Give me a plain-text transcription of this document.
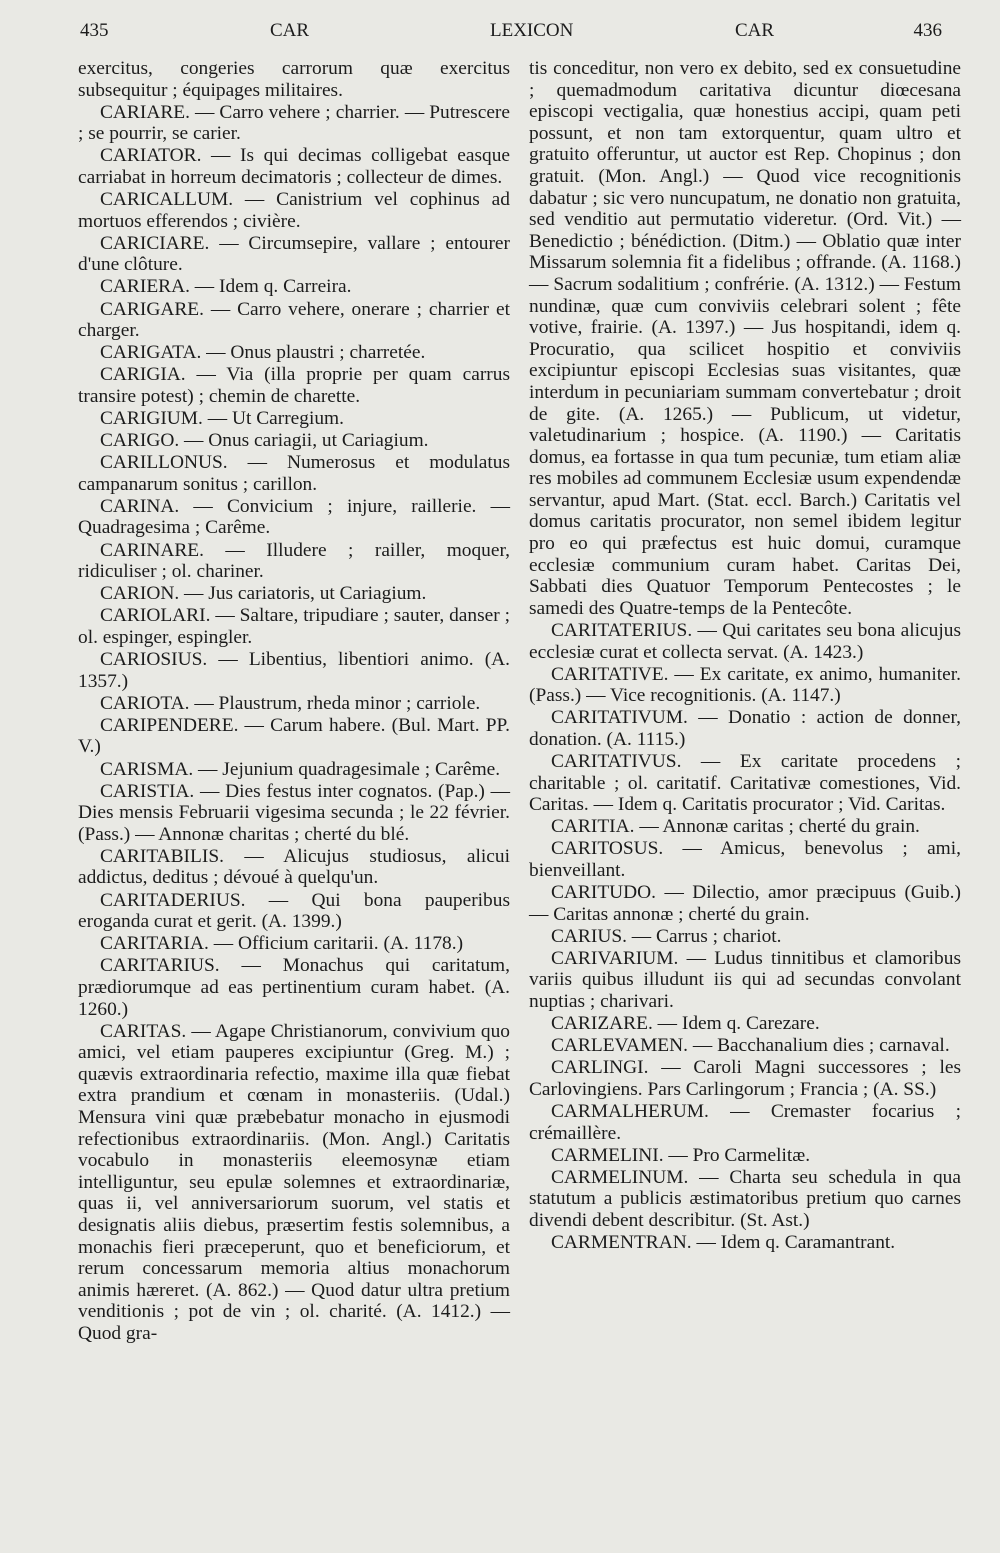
435	CAR	LEXICON	CAR	436

exercitus, congeries carrorum quæ exercitus subsequitur ; équipages militaires.

CARIARE. — Carro vehere ; charrier. — Putrescere ; se pourrir, se carier.

CARIATOR. — Is qui decimas colligebat easque carriabat in horreum decimatoris ; collecteur de dimes.

CARICALLUM. — Canistrium vel cophinus ad mortuos efferendos ; civière.

CARICIARE. — Circumsepire, vallare ; entourer d'une clôture.

CARIERA. — Idem q. Carreira.

CARIGARE. — Carro vehere, onerare ; charrier et charger.

CARIGATA. — Onus plaustri ; charretée.

CARIGIA. — Via (illa proprie per quam carrus transire potest) ; chemin de charette.

CARIGIUM. — Ut Carregium.

CARIGO. — Onus cariagii, ut Cariagium.

CARILLONUS. — Numerosus et modulatus campanarum sonitus ; carillon.

CARINA. — Convicium ; injure, raillerie. — Quadragesima ; Carême.

CARINARE. — Illudere ; railler, moquer, ridiculiser ; ol. chariner.

CARION. — Jus cariatoris, ut Cariagium.

CARIOLARI. — Saltare, tripudiare ; sauter, danser ; ol. espinger, espingler.

CARIOSIUS. — Libentius, libentiori animo. (A. 1357.)

CARIOTA. — Plaustrum, rheda minor ; carriole.

CARIPENDERE. — Carum habere. (Bul. Mart. PP. V.)

CARISMA. — Jejunium quadragesimale ; Carême.

CARISTIA. — Dies festus inter cognatos. (Pap.) — Dies mensis Februarii vigesima secunda ; le 22 février. (Pass.) — Annonæ charitas ; cherté du blé.

CARITABILIS. — Alicujus studiosus, alicui addictus, deditus ; dévoué à quelqu'un.

CARITADERIUS. — Qui bona pauperibus eroganda curat et gerit. (A. 1399.)

CARITARIA. — Officium caritarii. (A. 1178.)

CARITARIUS. — Monachus qui caritatum, prædiorumque ad eas pertinentium curam habet. (A. 1260.)

CARITAS. — Agape Christianorum, convivium quo amici, vel etiam pauperes excipiuntur (Greg. M.) ; quævis extraordinaria refectio, maxime illa quæ fiebat extra prandium et cœnam in monasteriis. (Udal.) Mensura vini quæ præbebatur monacho in ejusmodi refectionibus extraordinariis. (Mon. Angl.) Caritatis vocabulo in monasteriis eleemosynæ etiam intelliguntur, seu epulæ solemnes et extraordinariæ, quas ii, vel anniversariorum suorum, vel statis et designatis aliis diebus, præsertim festis solemnibus, a monachis fieri præceperunt, quo et beneficiorum, et rerum concessarum memoria altius monachorum animis hæreret. (A. 862.) — Quod datur ultra pretium venditionis ; pot de vin ; ol. charité. (A. 1412.) — Quod gra-

tis conceditur, non vero ex debito, sed ex consuetudine ; quemadmodum caritativa dicuntur diœcesana episcopi vectigalia, quæ honestius accipi, quam peti possunt, et non tam extorquentur, quam ultro et gratuito offeruntur, ut auctor est Rep. Chopinus ; don gratuit. (Mon. Angl.) — Quod vice recognitionis dabatur ; sic vero nuncupatum, ne donatio non gratuita, sed venditio aut permutatio videretur. (Ord. Vit.) — Benedictio ; bénédiction. (Ditm.) — Oblatio quæ inter Missarum solemnia fit a fidelibus ; offrande. (A. 1168.) — Sacrum sodalitium ; confrérie. (A. 1312.) — Festum nundinæ, quæ cum conviviis celebrari solent ; fête votive, frairie. (A. 1397.) — Jus hospitandi, idem q. Procuratio, qua scilicet hospitio et conviviis excipiuntur episcopi Ecclesias suas visitantes, quæ interdum in pecuniariam summam convertebatur ; droit de gite. (A. 1265.) — Publicum, ut videtur, valetudinarium ; hospice. (A. 1190.) — Caritatis domus, ea fortasse in qua tum pecuniæ, tum etiam aliæ res mobiles ad communem Ecclesiæ usum expendendæ servantur, apud Mart. (Stat. eccl. Barch.) Caritatis vel domus caritatis procurator, non semel ibidem legitur pro eo qui præfectus est huic domui, curamque ecclesiæ communium curam habet. Caritas Dei, Sabbati dies Quatuor Temporum Pentecostes ; le samedi des Quatre-temps de la Pentecôte.

CARITATERIUS. — Qui caritates seu bona alicujus ecclesiæ curat et collecta servat. (A. 1423.)

CARITATIVE. — Ex caritate, ex animo, humaniter. (Pass.) — Vice recognitionis. (A. 1147.)

CARITATIVUM. — Donatio : action de donner, donation. (A. 1115.)

CARITATIVUS. — Ex caritate procedens ; charitable ; ol. caritatif. Caritativæ comestiones, Vid. Caritas. — Idem q. Caritatis procurator ; Vid. Caritas.

CARITIA. — Annonæ caritas ; cherté du grain.

CARITOSUS. — Amicus, benevolus ; ami, bienveillant.

CARITUDO. — Dilectio, amor præcipuus (Guib.) — Caritas annonæ ; cherté du grain.

CARIUS. — Carrus ; chariot.

CARIVARIUM. — Ludus tinnitibus et clamoribus variis quibus illudunt iis qui ad secundas convolant nuptias ; charivari.

CARIZARE. — Idem q. Carezare.

CARLEVAMEN. — Bacchanalium dies ; carnaval.

CARLINGI. — Caroli Magni successores ; les Carlovingiens. Pars Carlingorum ; Francia ; (A. SS.)

CARMALHERUM. — Cremaster focarius ; crémaillère.

CARMELINI. — Pro Carmelitæ.

CARMELINUM. — Charta seu schedula in qua statutum a publicis æstimatoribus pretium quo carnes divendi debent describitur. (St. Ast.)

CARMENTRAN. — Idem q. Caramantrant.
